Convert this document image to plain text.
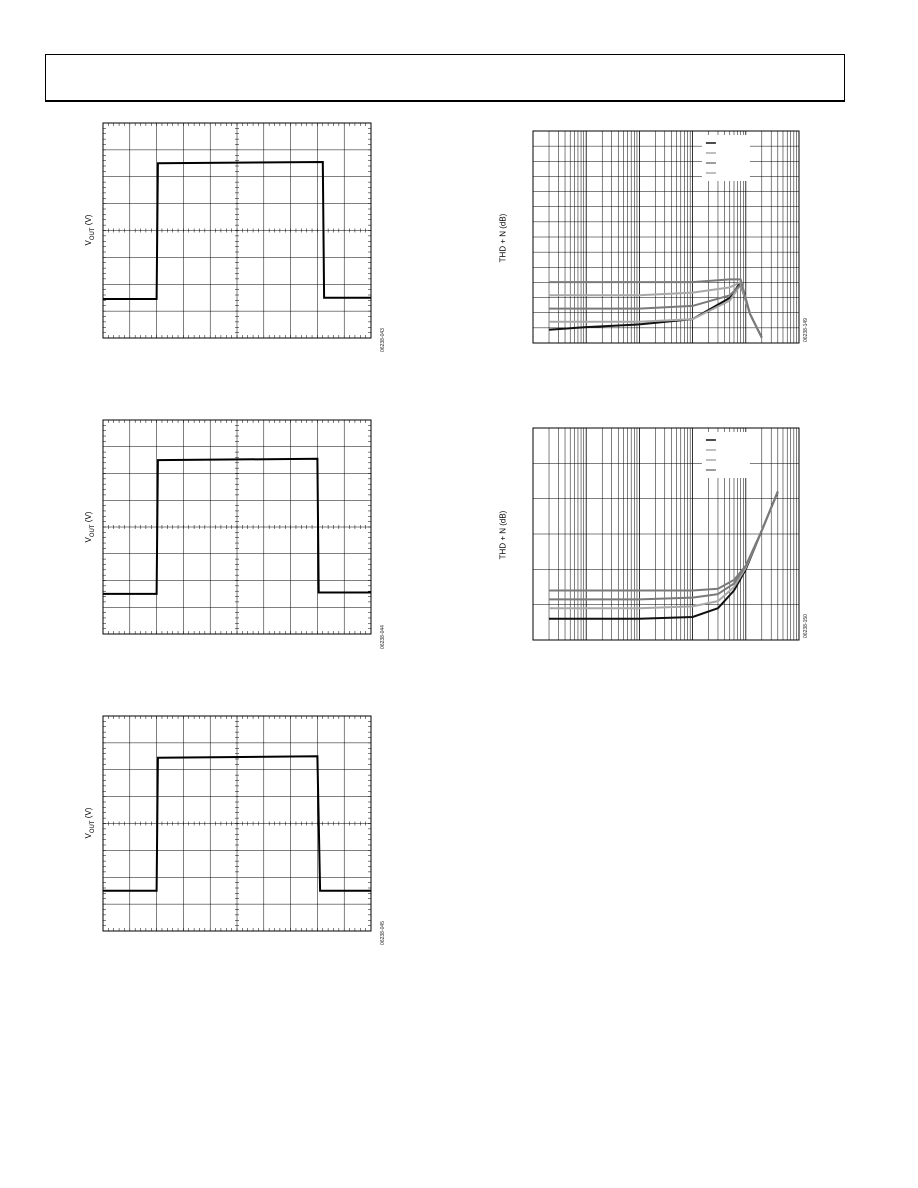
$V_{OUT}$ (V)
06238-043
$V_{OUT}$ (V)
06238-044
$V_{OUT}$ (V)
06238-045
THD + N (dB)
06238-149
THD + N (dB)
06238-150
